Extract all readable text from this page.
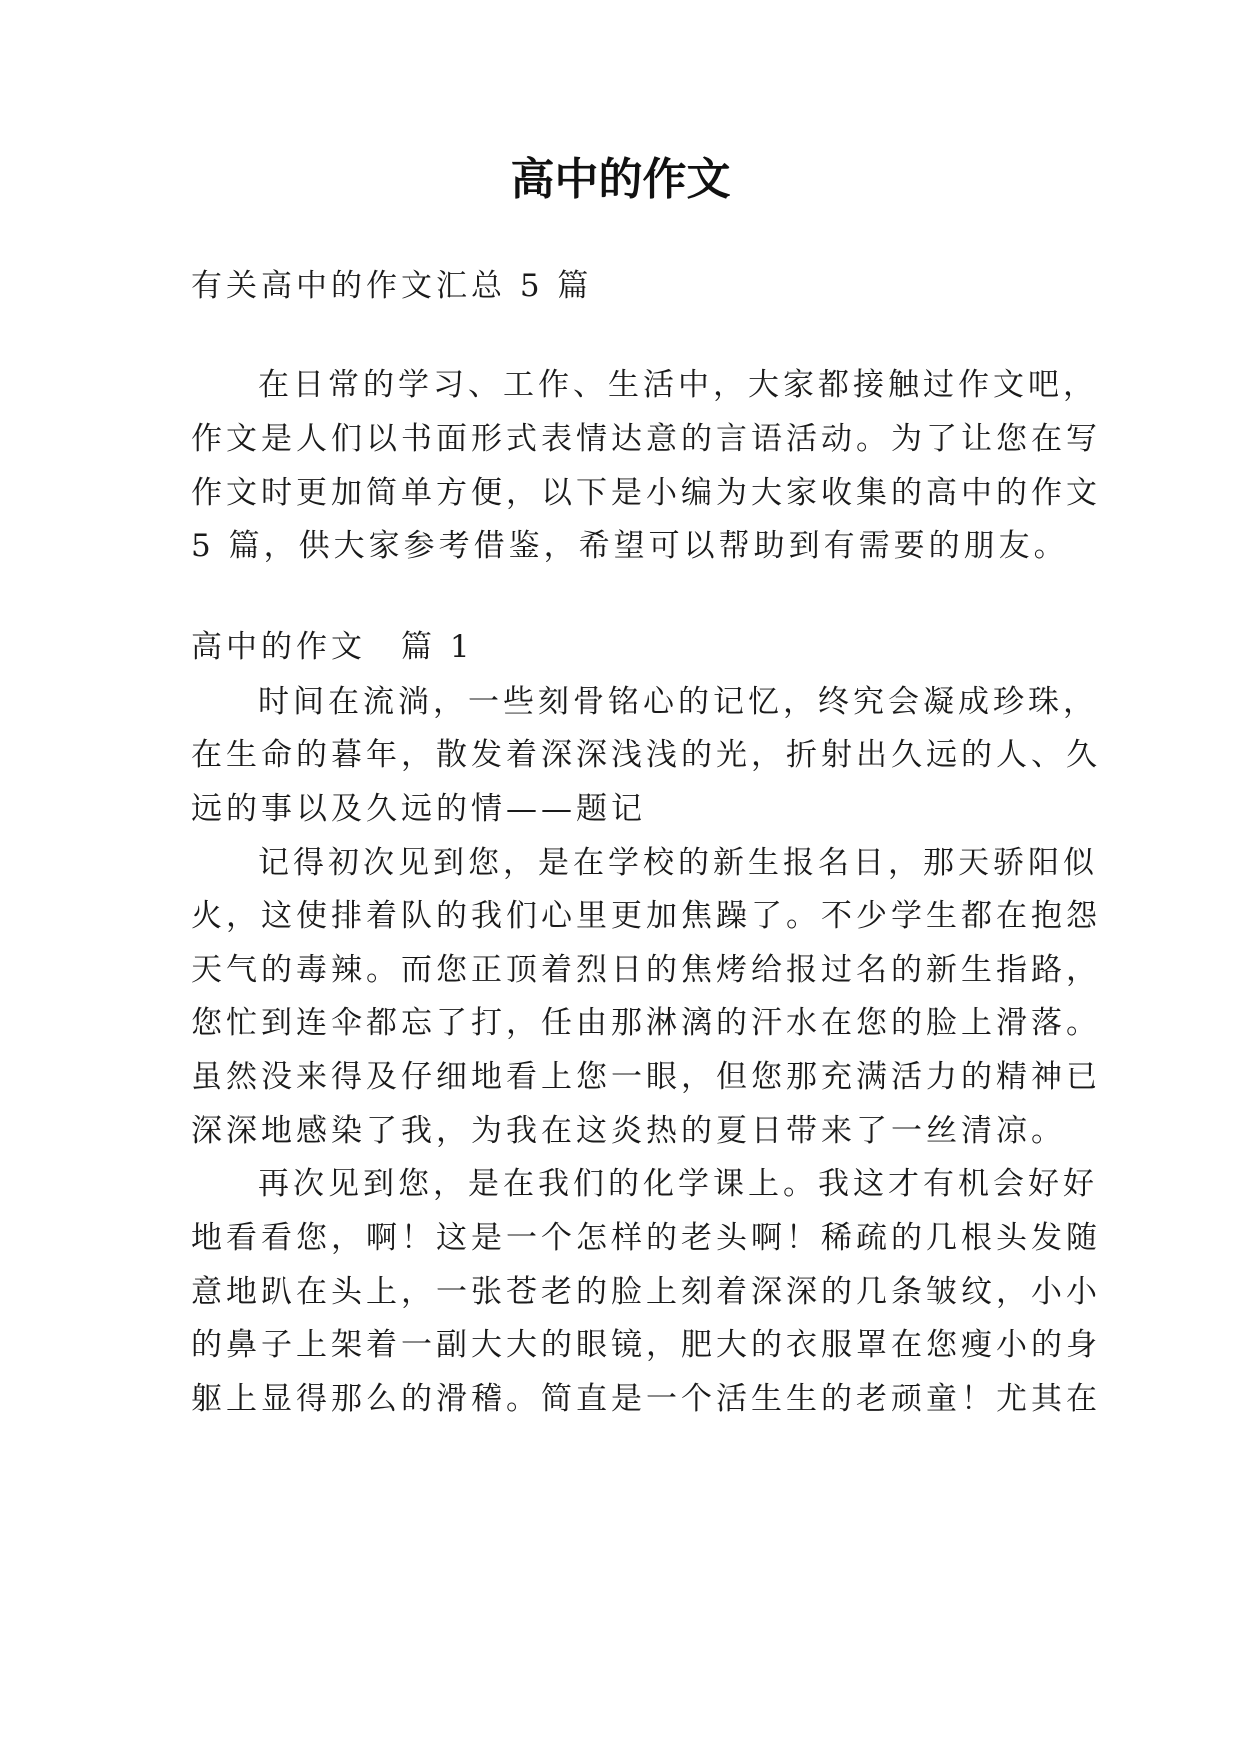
高中的作文
有关高中的作文汇总 5 篇
在日常的学习、工作、生活中，大家都接触过作文吧，
作文是人们以书面形式表情达意的言语活动。为了让您在写
作文时更加简单方便，以下是小编为大家收集的高中的作文
5 篇，供大家参考借鉴，希望可以帮助到有需要的朋友。
高中的作文　篇 1
时间在流淌，一些刻骨铭心的记忆，终究会凝成珍珠，
在生命的暮年，散发着深深浅浅的光，折射出久远的人、久
远的事以及久远的情——题记
记得初次见到您，是在学校的新生报名日，那天骄阳似
火，这使排着队的我们心里更加焦躁了。不少学生都在抱怨
天气的毒辣。而您正顶着烈日的焦烤给报过名的新生指路，
您忙到连伞都忘了打，任由那淋漓的汗水在您的脸上滑落。
虽然没来得及仔细地看上您一眼，但您那充满活力的精神已
深深地感染了我，为我在这炎热的夏日带来了一丝清凉。
再次见到您，是在我们的化学课上。我这才有机会好好
地看看您，啊！这是一个怎样的老头啊！稀疏的几根头发随
意地趴在头上，一张苍老的脸上刻着深深的几条皱纹，小小
的鼻子上架着一副大大的眼镜，肥大的衣服罩在您瘦小的身
躯上显得那么的滑稽。简直是一个活生生的老顽童！尤其在
